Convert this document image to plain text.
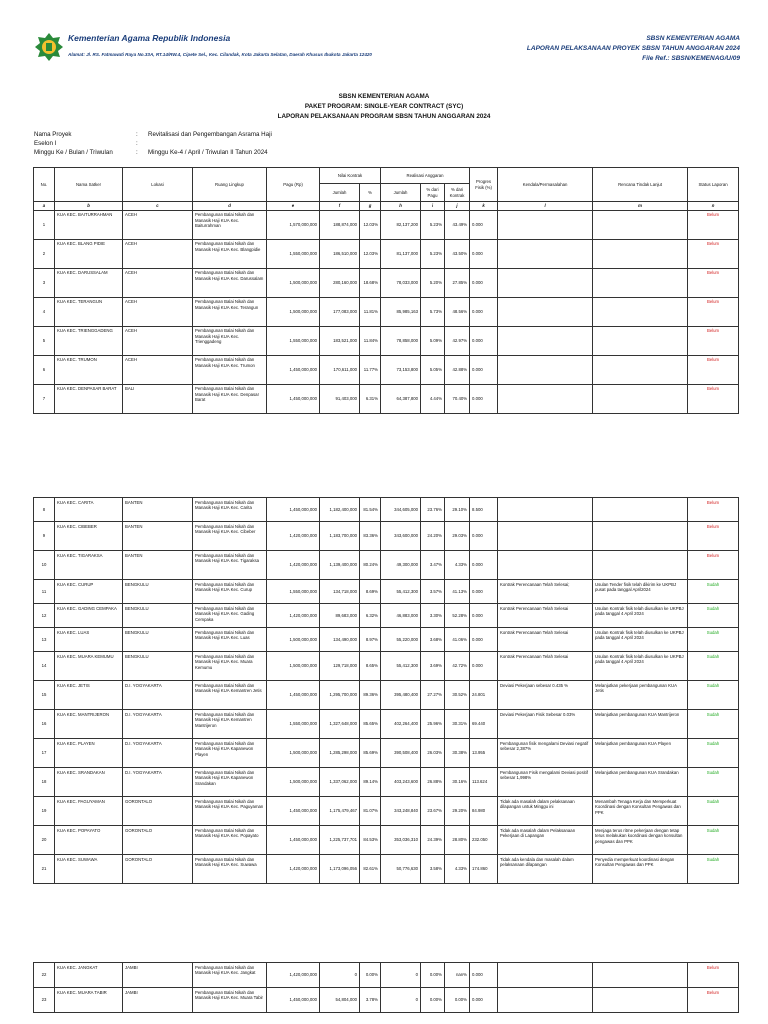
Kementerian Agama Republik Indonesia
Alamat: Jl. RS. Fatmawati Raya No.33A, RT.14/RW.4, Cipete Sel., Kec. Cilandak, Kota Jakarta Selatan, Daerah Khusus Ibukota Jakarta 12420
SBSN KEMENTERIAN AGAMA
LAPORAN PELAKSANAAN PROYEK SBSN TAHUN ANGGARAN 2024
File Ref.: SBSN/KEMENAG/U/09
SBSN KEMENTERIAN AGAMA
PAKET PROGRAM: SINGLE-YEAR CONTRACT (SYC)
LAPORAN PELAKSANAAN PROGRAM SBSN TAHUN ANGGARAN 2024
Nama Proyek	:	Revitalisasi dan Pengembangan Asrama Haji
Eselon I	:
Minggu Ke / Bulan / Triwulan	:	Minggu Ke-4 / April / Triwulan II Tahun 2024
No.	Nama Satker	Lokasi	Ruang Lingkup	Pagu (Rp)	Nilai Kontrak		Realisasi Anggaran			Progres Fisik (%)	Kendala/Permasalahan	Rencana Tindak Lanjut	Status Laporan
					Jumlah	%	Jumlah	% dari Pagu	% dari Kontrak				
a	b	c	d	e	f	g	h	i	j	k	l	m	n
1	KUA KEC. BAITURRAHMAN	ACEH	Pembangunan Balai Nikah dan Manasik Haji KUA Kec. Baiturrahman	1,570,000,000	188,874,000	12.03%	82,137,200	5.23%	43.49%	0.000			Belum
2	KUA KEC. BLANG PIDIE	ACEH	Pembangunan Balai Nikah dan Manasik Haji KUA Kec. Blangpidie	1,550,000,000	186,510,000	12.03%	81,137,000	5.23%	43.50%	0.000			Belum
3	KUA KEC. DARUSSALAM	ACEH	Pembangunan Balai Nikah dan Manasik Haji KUA Kec. Darussalam	1,500,000,000	280,160,000	18.68%	78,033,000	5.20%	27.85%	0.000			Belum
4	KUA KEC. TERANGUN	ACEH	Pembangunan Balai Nikah dan Manasik Haji KUA Kec. Terangun	1,500,000,000	177,083,000	11.81%	85,985,163	5.73%	48.56%	0.000			Belum
5	KUA KEC. TRIENGGADENG	ACEH	Pembangunan Balai Nikah dan Manasik Haji KUA Kec. Trienggadeng	1,550,000,000	183,521,000	11.84%	78,858,000	5.09%	42.97%	0.000			Belum
6	KUA KEC. TRUMON	ACEH	Pembangunan Balai Nikah dan Manasik Haji KUA Kec. Trumon	1,450,000,000	170,611,000	11.77%	73,153,800	5.05%	42.88%	0.000			Belum
7	KUA KEC. DENPASAR BARAT	BALI	Pembangunan Balai Nikah dan Manasik Haji KUA Kec. Denpasar Barat	1,450,000,000	91,403,000	6.31%	64,387,800	4.44%	70.40%	0.000			Belum
8	KUA KEC. CARITA	BANTEN	Pembangunan Balai Nikah dan Manasik Haji KUA Kec. Carita	1,450,000,000	1,182,400,000	81.54%	344,605,000	23.76%	29.10%	8.500			Belum
9	KUA KEC. CIBEBER	BANTEN	Pembangunan Balai Nikah dan Manasik Haji KUA Kec. Cibeber	1,420,000,000	1,183,700,000	83.36%	343,600,000	24.20%	29.03%	0.000			Belum
10	KUA KEC. TIGARAKSA	BANTEN	Pembangunan Balai Nikah dan Manasik Haji KUA Kec. Tigaraksa	1,420,000,000	1,139,400,000	80.24%	49,300,000	3.47%	4.33%	0.000			Belum
11	KUA KEC. CURUP	BENGKULU	Pembangunan Balai Nikah dan Manasik Haji KUA Kec. Curup	1,550,000,000	134,718,000	8.69%	55,412,300	3.57%	41.13%	0.000	Kontrak Perencanaan Telah Selesai;	Usulan Tender fisik telah dikirim ke UKPBJ pusat pada tanggal April2024	Sudah
12	KUA KEC. GADING CEMPAKA	BENGKULU	Pembangunan Balai Nikah dan Manasik Haji KUA Kec. Gading Cempaka	1,420,000,000	89,683,000	6.32%	46,883,000	3.30%	52.28%	0.000	Kontrak Perencanaan Telah Selesai	Usulan Kontrak fisik telah diusulkan ke UKPBJ pada tanggal 4 April 2024	Sudah
13	KUA KEC. LUAS	BENGKULU	Pembangunan Balai Nikah dan Manasik Haji KUA Kec. Luas	1,500,000,000	134,490,000	8.97%	55,220,000	3.68%	41.06%	0.000	Kontrak Perencanaan Telah Selesai	Usulan Kontrak fisik telah diusulkan ke UKPBJ pada tanggal 4 April 2024	Sudah
14	KUA KEC. MUARA KEMUMU	BENGKULU	Pembangunan Balai Nikah dan Manasik Haji KUA Kec. Muara Kemumu	1,500,000,000	129,718,000	8.65%	55,412,300	3.69%	42.72%	0.000	Kontrak Perencanaan Telah Selesai	Usulan Kontrak fisik telah diusulkan ke UKPBJ pada tanggal 4 April 2024	Sudah
15	KUA KEC. JETIS	D.I. YOGYAKARTA	Pembangunan Balai Nikah dan Manasik Haji KUA Kemantren Jetis	1,450,000,000	1,295,700,000	89.36%	395,480,400	27.27%	30.52%	24.801	Deviasi Pekerjaan sebesar 0.435 %	Melanjutkan pekerjaan pembangunan KUA Jetis	Sudah
16	KUA KEC. MANTRIJERON	D.I. YOGYAKARTA	Pembangunan Balai Nikah dan Manasik Haji KUA Kemantren Mantrijeron	1,550,000,000	1,327,648,000	85.65%	402,264,400	25.96%	30.31%	69.440	Deviasi Pekerjaan Fisik Sebesar 0.03%	Melanjutkan pembangunan KUA Mantrijeron	Sudah
17	KUA KEC. PLAYEN	D.I. YOGYAKARTA	Pembangunan Balai Nikah dan Manasik Haji KUA Kapanewon Playen	1,500,000,000	1,285,298,000	85.69%	390,508,400	26.03%	30.38%	13.955	Pembangunan fisik mengalami Deviasi negatif sebesar 2,387%	Melanjutkan pembangunan KUA Playen	Sudah
18	KUA KEC. SRANDAKAN	D.I. YOGYAKARTA	Pembangunan Balai Nikah dan Manasik Haji KUA Kapanewon Srandakan	1,500,000,000	1,337,062,000	89.14%	403,243,600	26.88%	30.16%	113.624	Pembangunan Fisik mengalami Deviasi positif sebesar 1,998%	Melanjutkan pembangunan KUA Srandakan	Sudah
19	KUA KEC. PAGUYAMAN	GORONTALO	Pembangunan Balai Nikah dan Manasik Haji KUA Kec. Paguyaman	1,450,000,000	1,175,479,467	81.07%	343,248,840	23.67%	29.20%	84.980	Tidak ada masalah dalam pelaksanaan dilapangan untuk Minggu ini	Menambah Tenaga Kerja dan Memperkuat Koordinasi dengan Konsultan Pengawas dan PPK	Sudah
20	KUA KEC. POPAYATO	GORONTALO	Pembangunan Balai Nikah dan Manasik Haji KUA Kec. Popayato	1,450,000,000	1,225,737,701	84.53%	353,036,310	24.39%	28.80%	232.050	Tidak ada masalah dalam Pelaksanaan Pekerjaan di Lapangan	Menjaga terus ritme pekerjaan dengan tetap terus melakukan koordinasi dengan konsultan pengawas dan PPK	Sudah
21	KUA KEC. SUWAWA	GORONTALO	Pembangunan Balai Nikah dan Manasik Haji KUA Kec. Suwawa	1,420,000,000	1,173,096,056	82.61%	50,776,630	3.58%	4.33%	174.860	Tidak ada kendala dan masalah dalam pelaksanaan dilapangan	Penyedia memperkuat koordinasi dengan Konsultan Pengawas dan PPK	Sudah
22	KUA KEC. JANGKAT	JAMBI	Pembangunan Balai Nikah dan Manasik Haji KUA Kec. Jangkat	1,420,000,000	0	0.00%	0	0.00%	nan%	0.000			Belum
23	KUA KEC. MUARA TABIR	JAMBI	Pembangunan Balai Nikah dan Manasik Haji KUA Kec. Muara Tabir	1,450,000,000	54,804,000	3.78%	0	0.00%	0.00%	0.000			Belum
